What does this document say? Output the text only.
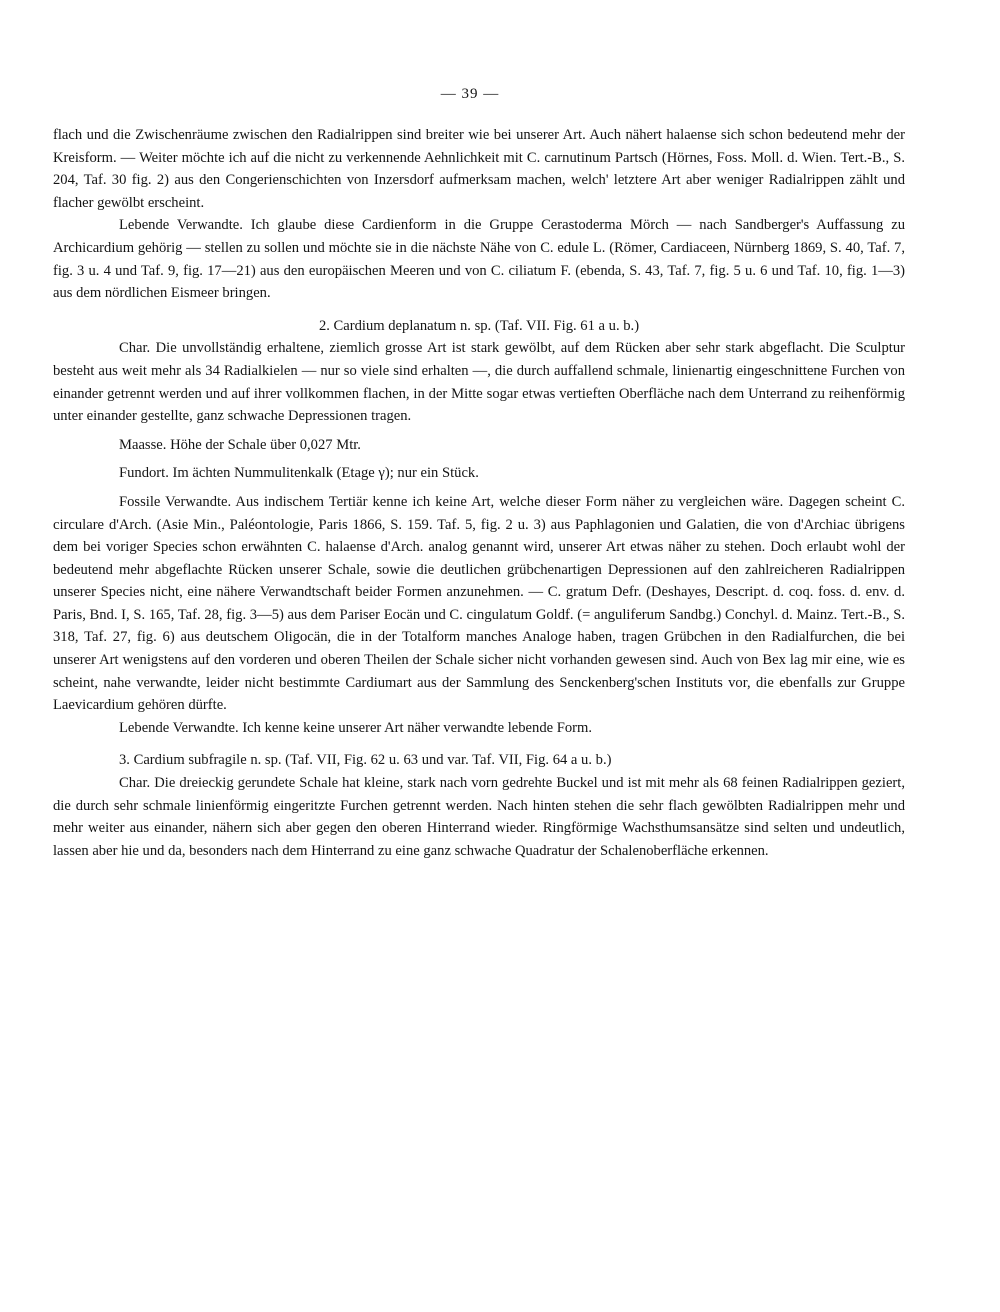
— 39 —

flach und die Zwischenräume zwischen den Radialrippen sind breiter wie bei unserer Art. Auch nähert halaense sich schon bedeutend mehr der Kreisform. — Weiter möchte ich auf die nicht zu verkennende Aehnlichkeit mit C. carnutinum Partsch (Hörnes, Foss. Moll. d. Wien. Tert.-B., S. 204, Taf. 30 fig. 2) aus den Congerienschichten von Inzersdorf aufmerksam machen, welch' letztere Art aber weniger Radialrippen zählt und flacher gewölbt erscheint.

Lebende Verwandte. Ich glaube diese Cardienform in die Gruppe Cerastoderma Mörch — nach Sandberger's Auffassung zu Archicardium gehörig — stellen zu sollen und möchte sie in die nächste Nähe von C. edule L. (Römer, Cardiaceen, Nürnberg 1869, S. 40, Taf. 7, fig. 3 u. 4 und Taf. 9, fig. 17—21) aus den europäischen Meeren und von C. ciliatum F. (ebenda, S. 43, Taf. 7, fig. 5 u. 6 und Taf. 10, fig. 1—3) aus dem nördlichen Eismeer bringen.

2. Cardium deplanatum n. sp. (Taf. VII. Fig. 61 a u. b.)

Char. Die unvollständig erhaltene, ziemlich grosse Art ist stark gewölbt, auf dem Rücken aber sehr stark abgeflacht. Die Sculptur besteht aus weit mehr als 34 Radialkielen — nur so viele sind erhalten —, die durch auffallend schmale, linienartig eingeschnittene Furchen von einander getrennt werden und auf ihrer vollkommen flachen, in der Mitte sogar etwas vertieften Oberfläche nach dem Unterrand zu reihenförmig unter einander gestellte, ganz schwache Depressionen tragen.

Maasse. Höhe der Schale über 0,027 Mtr.

Fundort. Im ächten Nummulitenkalk (Etage γ); nur ein Stück.

Fossile Verwandte. Aus indischem Tertiär kenne ich keine Art, welche dieser Form näher zu vergleichen wäre. Dagegen scheint C. circulare d'Arch. (Asie Min., Paléontologie, Paris 1866, S. 159. Taf. 5, fig. 2 u. 3) aus Paphlagonien und Galatien, die von d'Archiac übrigens dem bei voriger Species schon erwähnten C. halaense d'Arch. analog genannt wird, unserer Art etwas näher zu stehen. Doch erlaubt wohl der bedeutend mehr abgeflachte Rücken unserer Schale, sowie die deutlichen grübchenartigen Depressionen auf den zahlreicheren Radialrippen unserer Species nicht, eine nähere Verwandtschaft beider Formen anzunehmen. — C. gratum Defr. (Deshayes, Descript. d. coq. foss. d. env. d. Paris, Bnd. I, S. 165, Taf. 28, fig. 3—5) aus dem Pariser Eocän und C. cingulatum Goldf. (= anguliferum Sandbg.) Conchyl. d. Mainz. Tert.-B., S. 318, Taf. 27, fig. 6) aus deutschem Oligocän, die in der Totalform manches Analoge haben, tragen Grübchen in den Radialfurchen, die bei unserer Art wenigstens auf den vorderen und oberen Theilen der Schale sicher nicht vorhanden gewesen sind. Auch von Bex lag mir eine, wie es scheint, nahe verwandte, leider nicht bestimmte Cardiumart aus der Sammlung des Senckenberg'schen Instituts vor, die ebenfalls zur Gruppe Laevicardium gehören dürfte.

Lebende Verwandte. Ich kenne keine unserer Art näher verwandte lebende Form.

3. Cardium subfragile n. sp. (Taf. VII, Fig. 62 u. 63 und var. Taf. VII, Fig. 64 a u. b.)

Char. Die dreieckig gerundete Schale hat kleine, stark nach vorn gedrehte Buckel und ist mit mehr als 68 feinen Radialrippen geziert, die durch sehr schmale linienförmig eingeritzte Furchen getrennt werden. Nach hinten stehen die sehr flach gewölbten Radialrippen mehr und mehr weiter aus einander, nähern sich aber gegen den oberen Hinterrand wieder. Ringförmige Wachsthumsansätze sind selten und undeutlich, lassen aber hie und da, besonders nach dem Hinterrand zu eine ganz schwache Quadratur der Schalenoberfläche erkennen.
